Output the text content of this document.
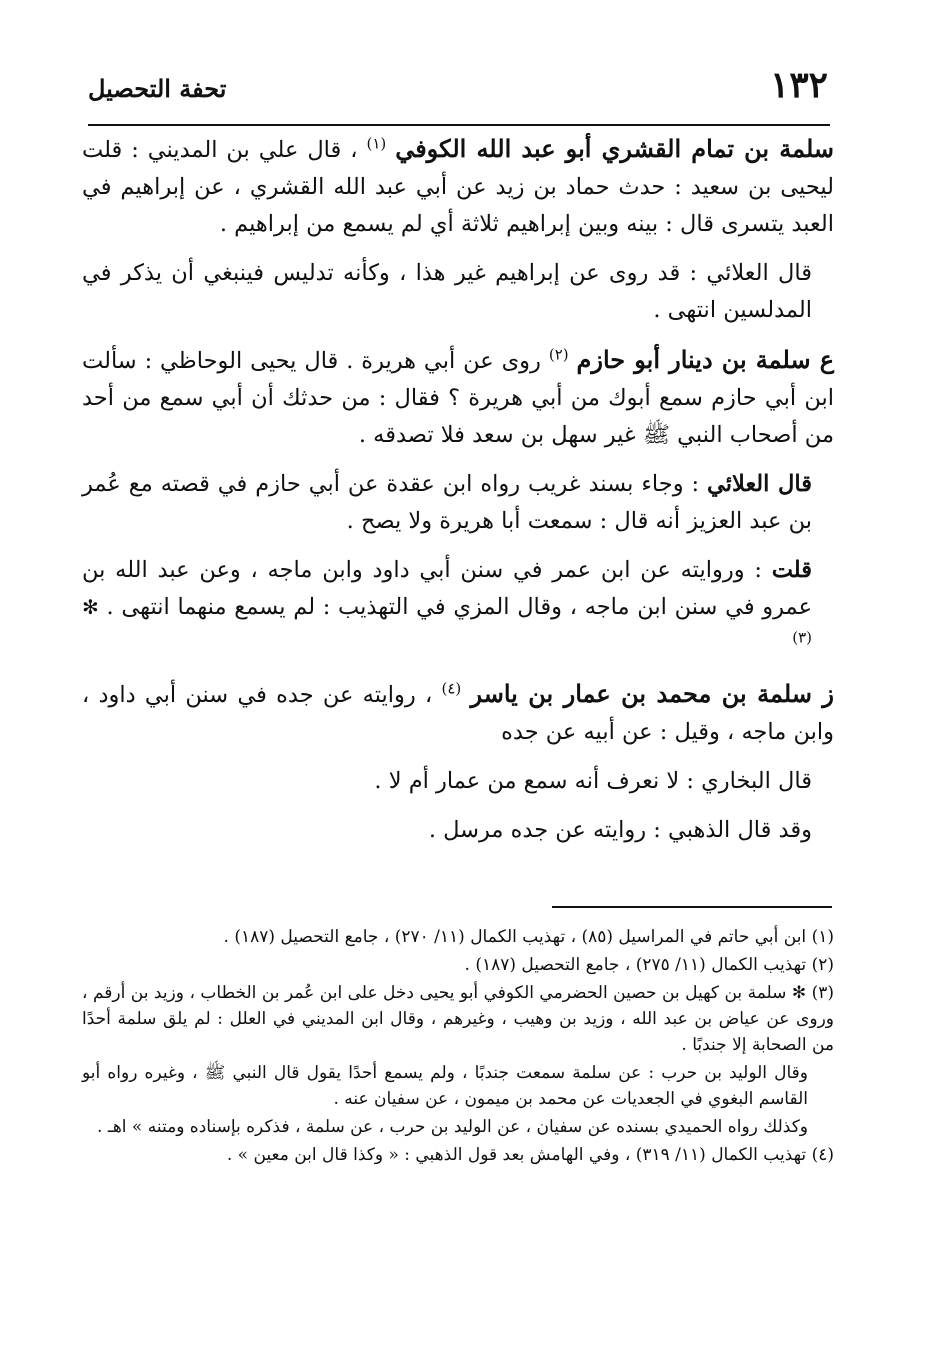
١٣٢
تحفة التحصيل

سلمة بن تمام القشري أبو عبد الله الكوفي $^{(١)}$ ، قال علي بن المديني : قلت ليحيى بن سعيد : حدث حماد بن زيد عن أبي عبد الله القشري ، عن إبراهيم في العبد يتسرى قال : بينه وبين إبراهيم ثلاثة أي لم يسمع من إبراهيم .

قال العلائي : قد روى عن إبراهيم غير هذا ، وكأنه تدليس فينبغي أن يذكر في المدلسين انتهى .

ع سلمة بن دينار أبو حازم $^{(٢)}$ روى عن أبي هريرة . قال يحيى الوحاظي : سألت ابن أبي حازم سمع أبوك من أبي هريرة ؟ فقال : من حدثك أن أبي سمع من أحد من أصحاب النبي ﷺ غير سهل بن سعد فلا تصدقه .

قال العلائي : وجاء بسند غريب رواه ابن عقدة عن أبي حازم في قصته مع عُمر بن عبد العزيز أنه قال : سمعت أبا هريرة ولا يصح .

قلت : وروايته عن ابن عمر في سنن أبي داود وابن ماجه ، وعن عبد الله بن عمرو في سنن ابن ماجه ، وقال المزي في التهذيب : لم يسمع منهما انتهى . ✻ $^{(٣)}$

ز سلمة بن محمد بن عمار بن ياسر $^{(٤)}$ ، روايته عن جده في سنن أبي داود ، وابن ماجه ، وقيل : عن أبيه عن جده

قال البخاري : لا نعرف أنه سمع من عمار أم لا .

وقد قال الذهبي : روايته عن جده مرسل .

(١) ابن أبي حاتم في المراسيل (٨٥) ، تهذيب الكمال (١١/ ٢٧٠) ، جامع التحصيل (١٨٧) .

(٢) تهذيب الكمال (١١/ ٢٧٥) ، جامع التحصيل (١٨٧) .

(٣) ✻ سلمة بن كهيل بن حصين الحضرمي الكوفي أبو يحيى دخل على ابن عُمر بن الخطاب ، وزيد بن أرقم ، وروى عن عياض بن عبد الله ، وزيد بن وهيب ، وغيرهم ، وقال ابن المديني في العلل : لم يلق سلمة أحدًا من الصحابة إلا جندبًا .

وقال الوليد بن حرب : عن سلمة سمعت جندبًا ، ولم يسمع أحدًا يقول قال النبي ﷺ ، وغيره رواه أبو القاسم البغوي في الجعديات عن محمد بن ميمون ، عن سفيان عنه .

وكذلك رواه الحميدي بسنده عن سفيان ، عن الوليد بن حرب ، عن سلمة ، فذكره بإسناده ومتنه » اهـ .

(٤) تهذيب الكمال (١١/ ٣١٩) ، وفي الهامش بعد قول الذهبي : « وكذا قال ابن معين » .
